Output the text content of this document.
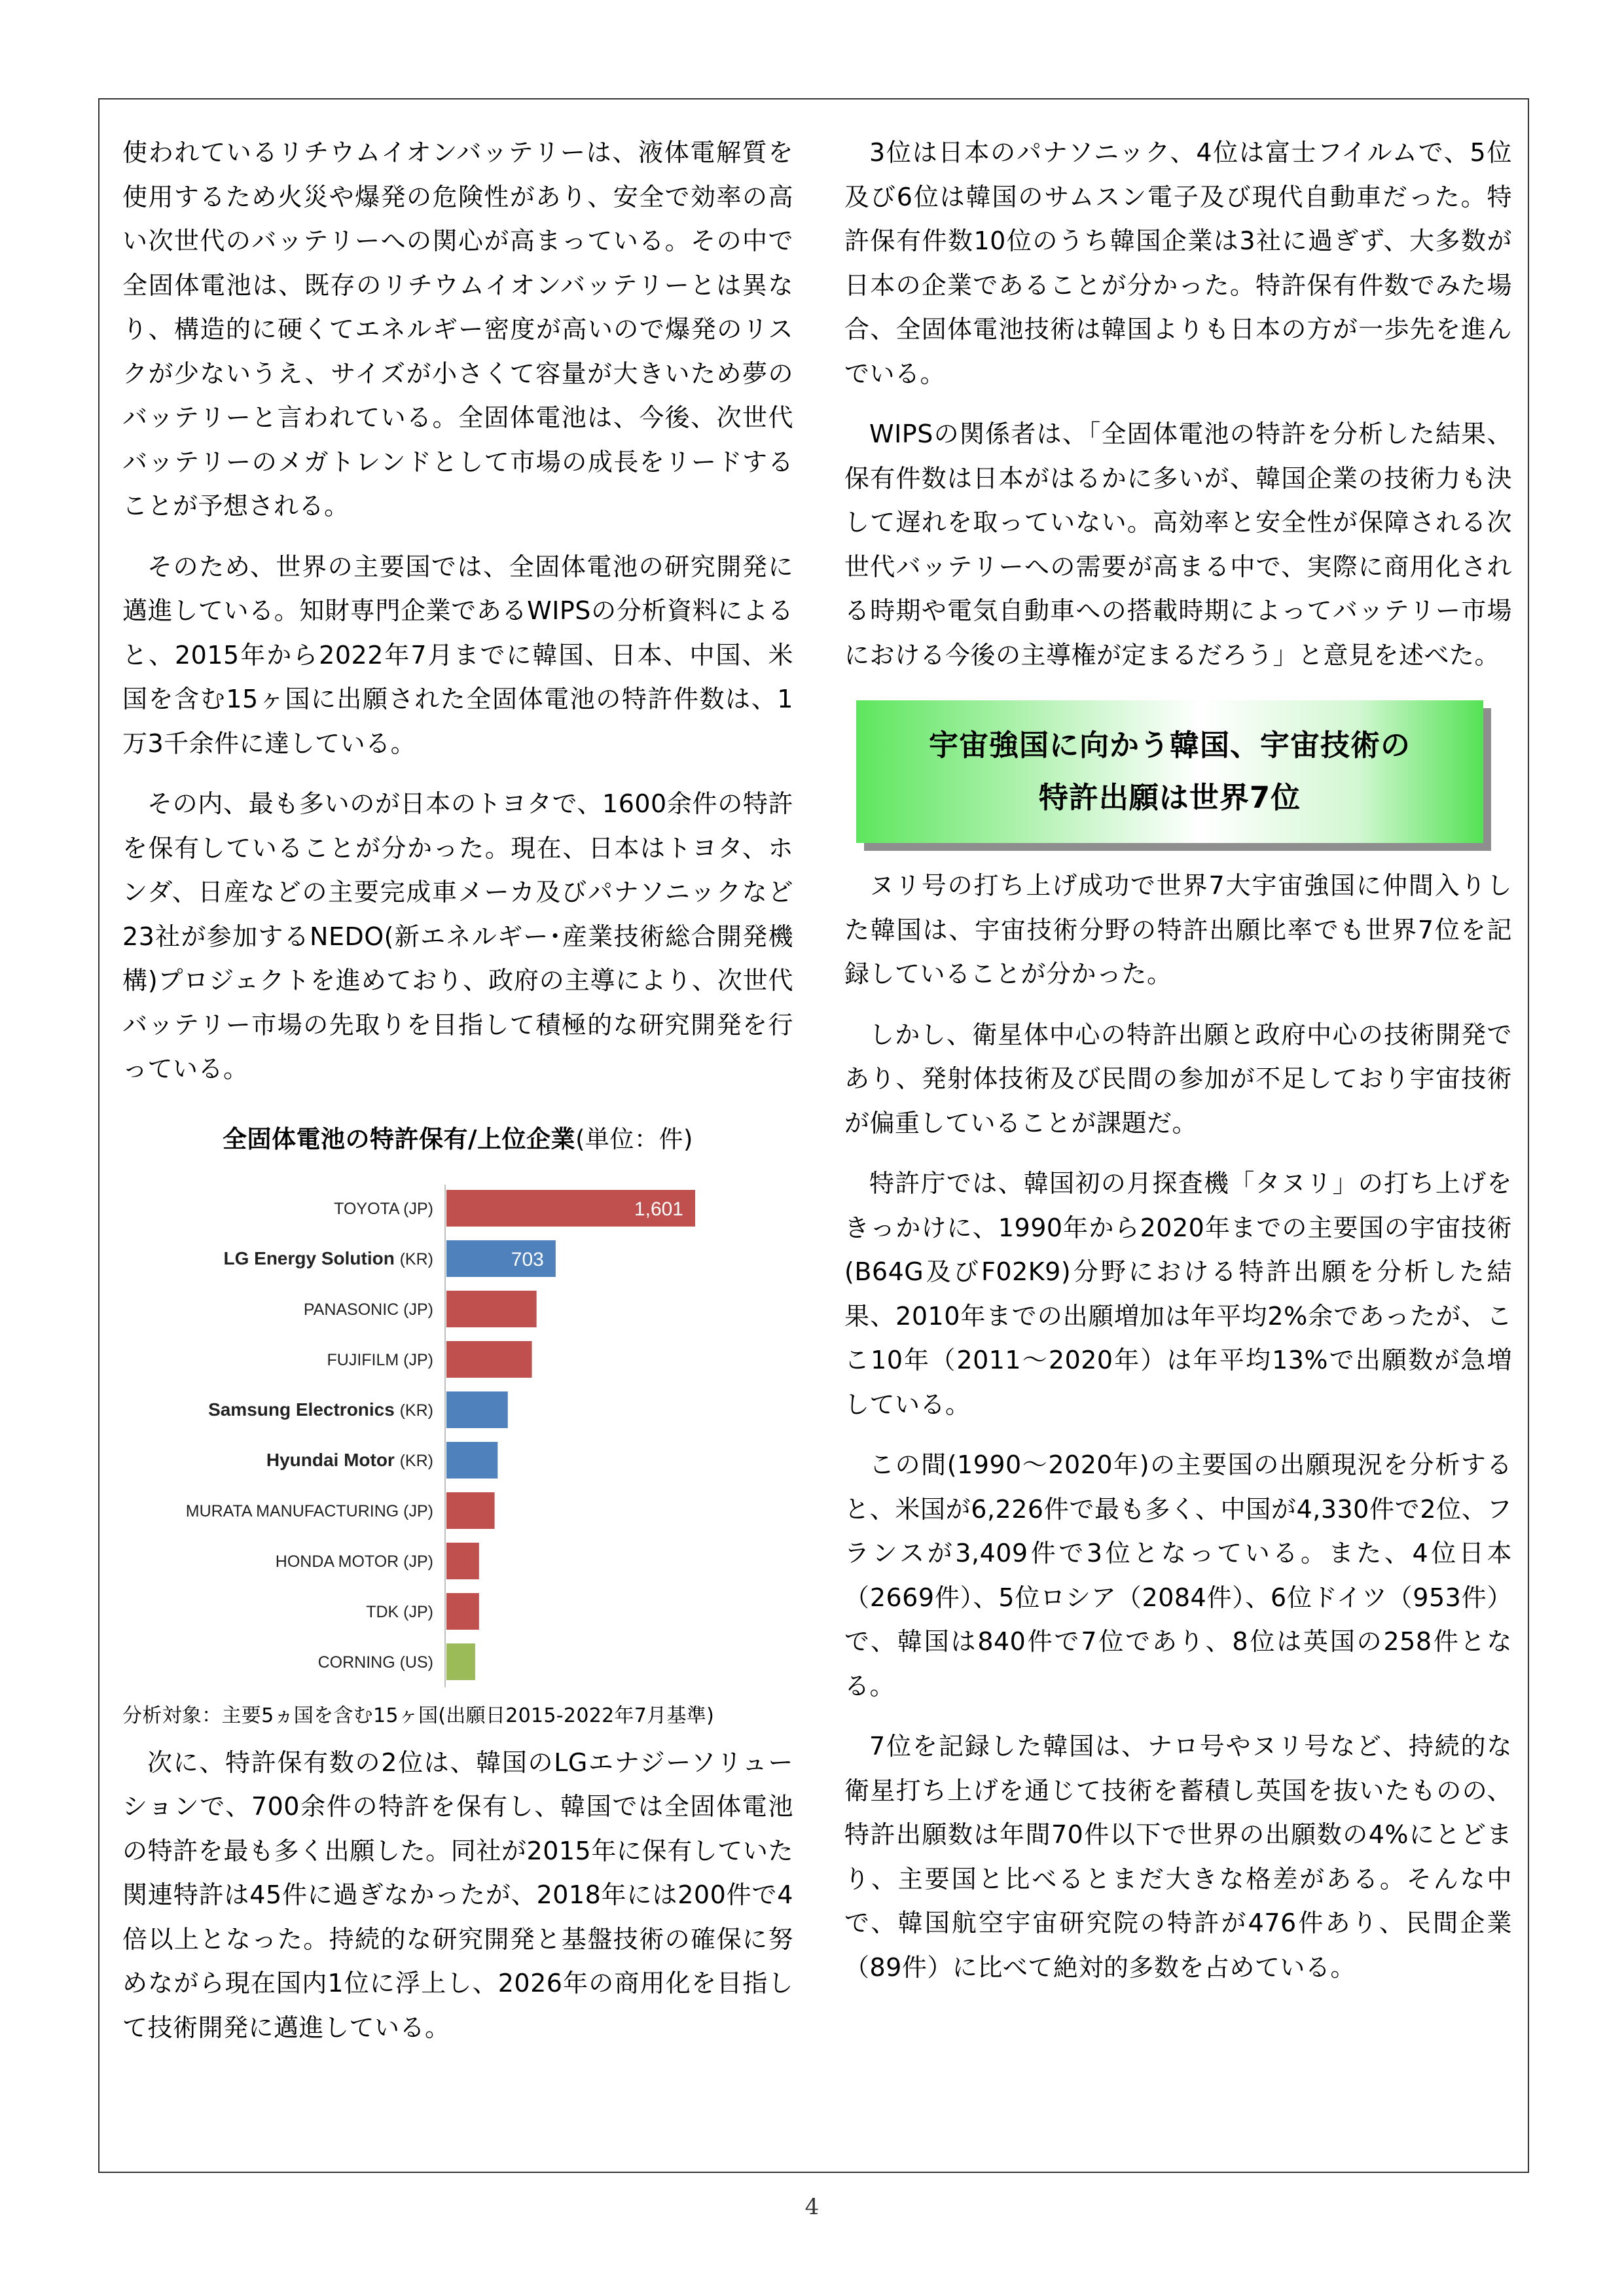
使われているリチウムイオンバッテリーは、液体電解質を使用するため火災や爆発の危険性があり、安全で効率の高い次世代のバッテリーへの関心が高まっている。その中で全固体電池は、既存のリチウムイオンバッテリーとは異なり、構造的に硬くてエネルギー密度が高いので爆発のリスクが少ないうえ、サイズが小さくて容量が大きいため夢のバッテリーと言われている。全固体電池は、今後、次世代バッテリーのメガトレンドとして市場の成長をリードすることが予想される。

そのため、世界の主要国では、全固体電池の研究開発に邁進している。知財専門企業であるWIPSの分析資料によると、2015年から2022年7月までに韓国、日本、中国、米国を含む15ヶ国に出願された全固体電池の特許件数は、1万3千余件に達している。

その内、最も多いのが日本のトヨタで、1600余件の特許を保有していることが分かった。現在、日本はトヨタ、ホンダ、日産などの主要完成車メーカ及びパナソニックなど23社が参加するNEDO(新エネルギー･産業技術総合開発機構)プロジェクトを進めており、政府の主導により、次世代バッテリー市場の先取りを目指して積極的な研究開発を行っている。

全固体電池の特許保有/上位企業(単位：件)
TOYOTA (JP)	1,601
LG Energy Solution (KR)	703
PANASONIC (JP)
FUJIFILM (JP)
Samsung Electronics (KR)
Hyundai Motor (KR)
MURATA MANUFACTURING (JP)
HONDA MOTOR (JP)
TDK (JP)
CORNING (US)
分析対象：主要5ヵ国を含む15ヶ国(出願日2015-2022年7月基準)

次に、特許保有数の2位は、韓国のLGエナジーソリューションで、700余件の特許を保有し、韓国では全固体電池の特許を最も多く出願した。同社が2015年に保有していた関連特許は45件に過ぎなかったが、2018年には200件で4倍以上となった。持続的な研究開発と基盤技術の確保に努めながら現在国内1位に浮上し、2026年の商用化を目指して技術開発に邁進している。

3位は日本のパナソニック、4位は富士フイルムで、5位及び6位は韓国のサムスン電子及び現代自動車だった。特許保有件数10位のうち韓国企業は3社に過ぎず、大多数が日本の企業であることが分かった。特許保有件数でみた場合、全固体電池技術は韓国よりも日本の方が一歩先を進んでいる。

WIPSの関係者は、「全固体電池の特許を分析した結果、保有件数は日本がはるかに多いが、韓国企業の技術力も決して遅れを取っていない。高効率と安全性が保障される次世代バッテリーへの需要が高まる中で、実際に商用化される時期や電気自動車への搭載時期によってバッテリー市場における今後の主導権が定まるだろう」と意見を述べた。

宇宙強国に向かう韓国、宇宙技術の
特許出願は世界7位

ヌリ号の打ち上げ成功で世界7大宇宙強国に仲間入りした韓国は、宇宙技術分野の特許出願比率でも世界7位を記録していることが分かった。

しかし、衛星体中心の特許出願と政府中心の技術開発であり、発射体技術及び民間の参加が不足しており宇宙技術が偏重していることが課題だ。

特許庁では、韓国初の月探査機「タヌリ」の打ち上げをきっかけに、1990年から2020年までの主要国の宇宙技術(B64G及びF02K9)分野における特許出願を分析した結果、2010年までの出願増加は年平均2%余であったが、ここ10年（2011～2020年）は年平均13%で出願数が急増している。

この間(1990～2020年)の主要国の出願現況を分析すると、米国が6,226件で最も多く、中国が4,330件で2位、フランスが3,409件で3位となっている。また、4位日本（2669件）、5位ロシア（2084件）、6位ドイツ（953件）で、韓国は840件で7位であり、8位は英国の258件となる。

7位を記録した韓国は、ナロ号やヌリ号など、持続的な衛星打ち上げを通じて技術を蓄積し英国を抜いたものの、特許出願数は年間70件以下で世界の出願数の4%にとどまり、主要国と比べるとまだ大きな格差がある。そんな中で、韓国航空宇宙研究院の特許が476件あり、民間企業（89件）に比べて絶対的多数を占めている。

4
